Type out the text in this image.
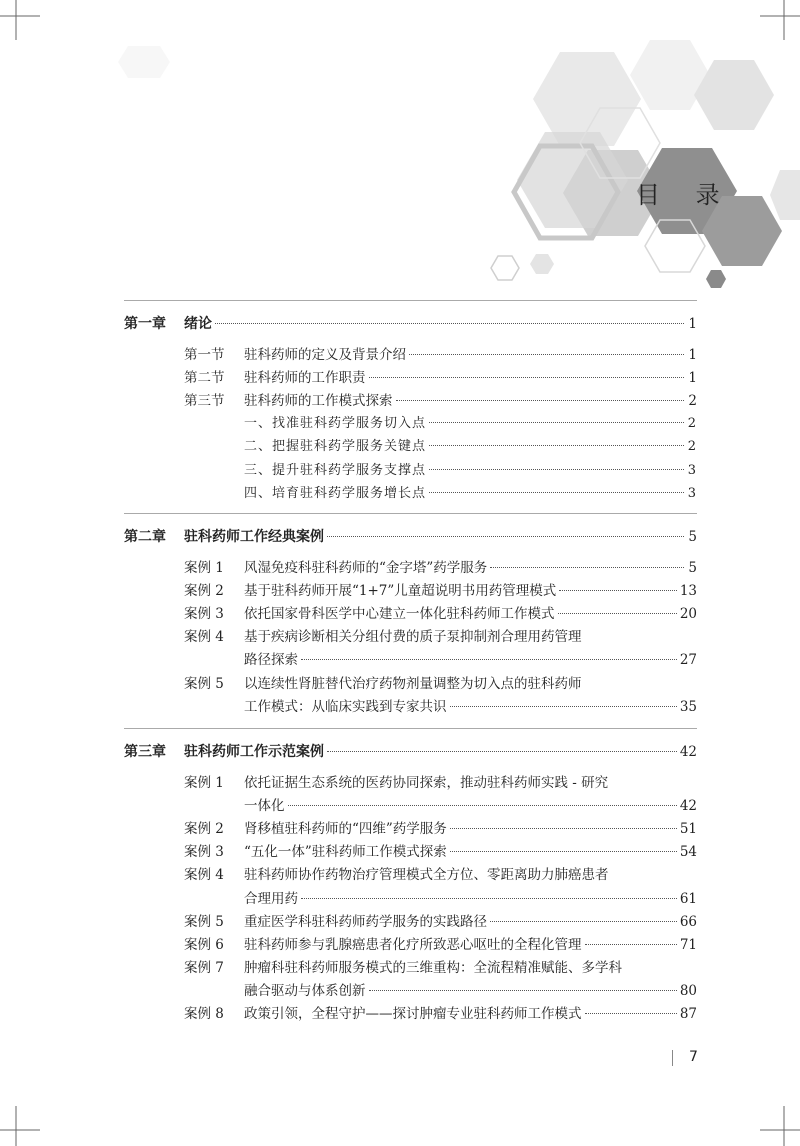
目 录
第一章	绪论	1
第一节	驻科药师的定义及背景介绍	1
第二节	驻科药师的工作职责	1
第三节	驻科药师的工作模式探索	2
一、找准驻科药学服务切入点	2
二、把握驻科药学服务关键点	2
三、提升驻科药学服务支撑点	3
四、培育驻科药学服务增长点	3
第二章	驻科药师工作经典案例	5
案例 1	风湿免疫科驻科药师的“金字塔”药学服务	5
案例 2	基于驻科药师开展“1+7”儿童超说明书用药管理模式	13
案例 3	依托国家骨科医学中心建立一体化驻科药师工作模式	20
案例 4	基于疾病诊断相关分组付费的质子泵抑制剂合理用药管理
路径探索	27
案例 5	以连续性肾脏替代治疗药物剂量调整为切入点的驻科药师
工作模式：从临床实践到专家共识	35
第三章	驻科药师工作示范案例	42
案例 1	依托证据生态系统的医药协同探索，推动驻科药师实践 - 研究
一体化	42
案例 2	肾移植驻科药师的“四维”药学服务	51
案例 3	“五化一体”驻科药师工作模式探索	54
案例 4	驻科药师协作药物治疗管理模式全方位、零距离助力肺癌患者
合理用药	61
案例 5	重症医学科驻科药师药学服务的实践路径	66
案例 6	驻科药师参与乳腺癌患者化疗所致恶心呕吐的全程化管理	71
案例 7	肿瘤科驻科药师服务模式的三维重构：全流程精准赋能、多学科
融合驱动与体系创新	80
案例 8	政策引领，全程守护——探讨肿瘤专业驻科药师工作模式	87
7
